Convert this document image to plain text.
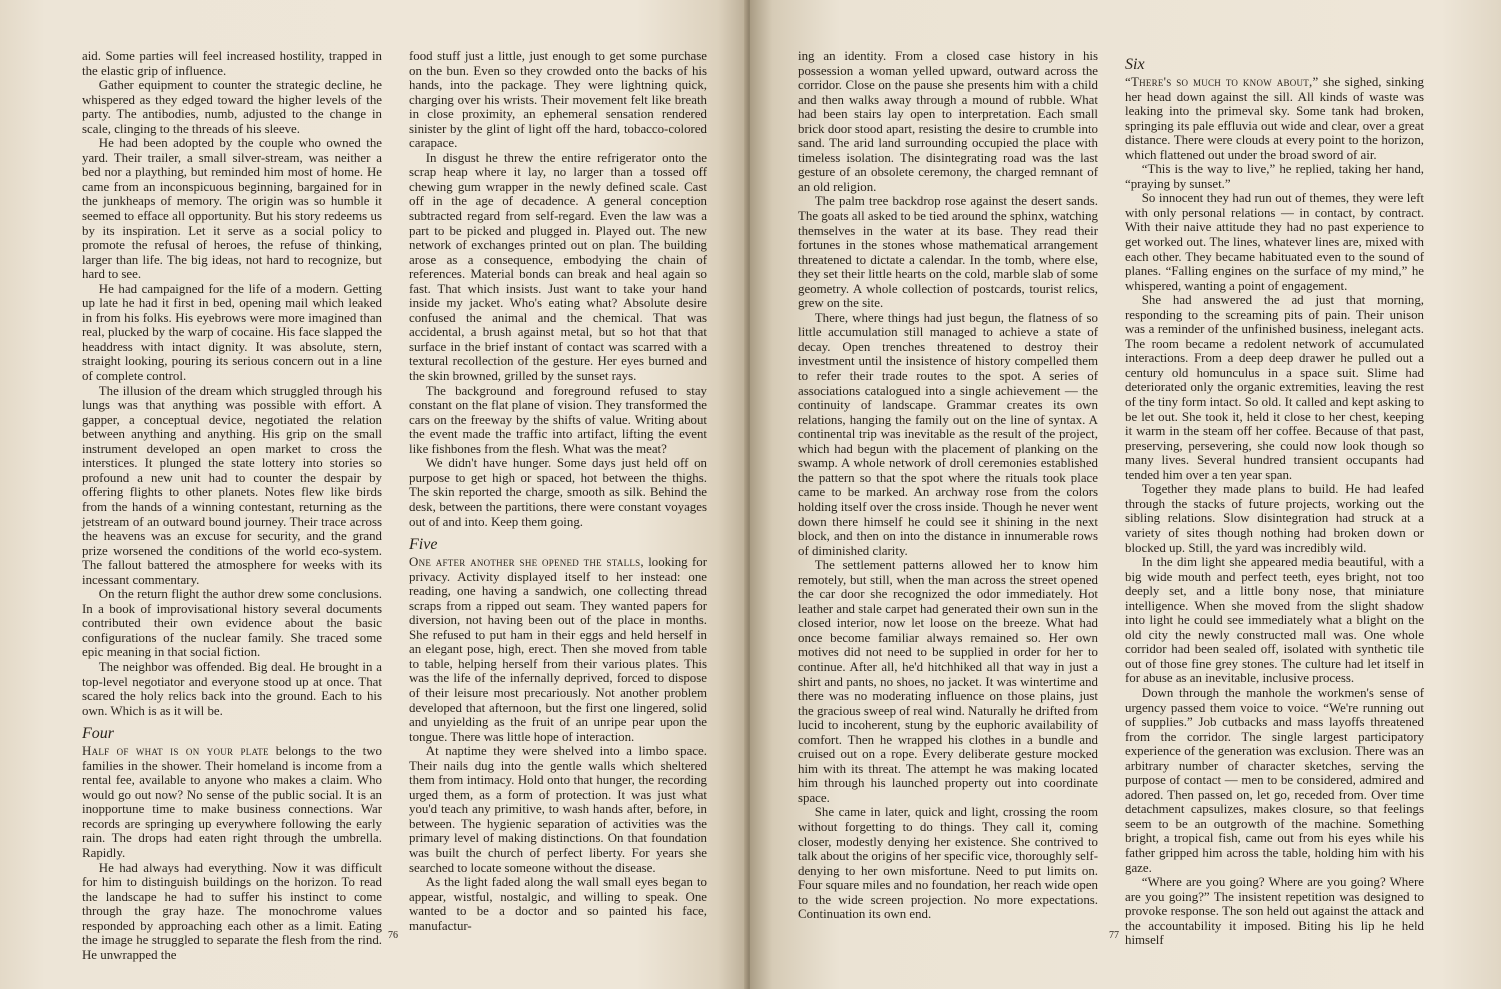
aid. Some parties will feel increased hostility, trapped in the elastic grip of influence.

Gather equipment to counter the strategic decline, he whispered as they edged toward the higher levels of the party. The antibodies, numb, adjusted to the change in scale, clinging to the threads of his sleeve.

He had been adopted by the couple who owned the yard. Their trailer, a small silver-stream, was neither a bed nor a plaything, but reminded him most of home. He came from an inconspicuous beginning, bargained for in the junkheaps of memory. The origin was so humble it seemed to efface all opportunity. But his story redeems us by its inspiration. Let it serve as a social policy to promote the refusal of heroes, the refuse of thinking, larger than life. The big ideas, not hard to recognize, but hard to see.

He had campaigned for the life of a modern. Getting up late he had it first in bed, opening mail which leaked in from his folks. His eyebrows were more imagined than real, plucked by the warp of cocaine. His face slapped the headdress with intact dignity. It was absolute, stern, straight looking, pouring its serious concern out in a line of complete control.

The illusion of the dream which struggled through his lungs was that anything was possible with effort. A gapper, a conceptual device, negotiated the relation between anything and anything. His grip on the small instrument developed an open market to cross the interstices. It plunged the state lottery into stories so profound a new unit had to counter the despair by offering flights to other planets. Notes flew like birds from the hands of a winning contestant, returning as the jetstream of an outward bound journey. Their trace across the heavens was an excuse for security, and the grand prize worsened the conditions of the world eco-system. The fallout battered the atmosphere for weeks with its incessant commentary.

On the return flight the author drew some conclusions. In a book of improvisational history several documents contributed their own evidence about the basic configurations of the nuclear family. She traced some epic meaning in that social fiction.

The neighbor was offended. Big deal. He brought in a top-level negotiator and everyone stood up at once. That scared the holy relics back into the ground. Each to his own. Which is as it will be.

Four

Half of what is on your plate belongs to the two families in the shower. Their homeland is income from a rental fee, available to anyone who makes a claim. Who would go out now? No sense of the public social. It is an inopportune time to make business connections. War records are springing up everywhere following the early rain. The drops had eaten right through the umbrella. Rapidly.

He had always had everything. Now it was difficult for him to distinguish buildings on the horizon. To read the landscape he had to suffer his instinct to come through the gray haze. The monochrome values responded by approaching each other as a limit. Eating the image he struggled to separate the flesh from the rind. He unwrapped the

food stuff just a little, just enough to get some purchase on the bun. Even so they crowded onto the backs of his hands, into the package. They were lightning quick, charging over his wrists. Their movement felt like breath in close proximity, an ephemeral sensation rendered sinister by the glint of light off the hard, tobacco-colored carapace.

In disgust he threw the entire refrigerator onto the scrap heap where it lay, no larger than a tossed off chewing gum wrapper in the newly defined scale. Cast off in the age of decadence. A general conception subtracted regard from self-regard. Even the law was a part to be picked and plugged in. Played out. The new network of exchanges printed out on plan. The building arose as a consequence, embodying the chain of references. Material bonds can break and heal again so fast. That which insists. Just want to take your hand inside my jacket. Who's eating what? Absolute desire confused the animal and the chemical. That was accidental, a brush against metal, but so hot that that surface in the brief instant of contact was scarred with a textural recollection of the gesture. Her eyes burned and the skin browned, grilled by the sunset rays.

The background and foreground refused to stay constant on the flat plane of vision. They transformed the cars on the freeway by the shifts of value. Writing about the event made the traffic into artifact, lifting the event like fishbones from the flesh. What was the meat?

We didn't have hunger. Some days just held off on purpose to get high or spaced, hot between the thighs. The skin reported the charge, smooth as silk. Behind the desk, between the partitions, there were constant voyages out of and into. Keep them going.

Five

One after another she opened the stalls, looking for privacy. Activity displayed itself to her instead: one reading, one having a sandwich, one collecting thread scraps from a ripped out seam. They wanted papers for diversion, not having been out of the place in months. She refused to put ham in their eggs and held herself in an elegant pose, high, erect. Then she moved from table to table, helping herself from their various plates. This was the life of the infernally deprived, forced to dispose of their leisure most precariously. Not another problem developed that afternoon, but the first one lingered, solid and unyielding as the fruit of an unripe pear upon the tongue. There was little hope of interaction.

At naptime they were shelved into a limbo space. Their nails dug into the gentle walls which sheltered them from intimacy. Hold onto that hunger, the recording urged them, as a form of protection. It was just what you'd teach any primitive, to wash hands after, before, in between. The hygienic separation of activities was the primary level of making distinctions. On that foundation was built the church of perfect liberty. For years she searched to locate someone without the disease.

As the light faded along the wall small eyes began to appear, wistful, nostalgic, and willing to speak. One wanted to be a doctor and so painted his face, manufactur-

76

ing an identity. From a closed case history in his possession a woman yelled upward, outward across the corridor. Close on the pause she presents him with a child and then walks away through a mound of rubble. What had been stairs lay open to interpretation. Each small brick door stood apart, resisting the desire to crumble into sand. The arid land surrounding occupied the place with timeless isolation. The disintegrating road was the last gesture of an obsolete ceremony, the charged remnant of an old religion.

The palm tree backdrop rose against the desert sands. The goats all asked to be tied around the sphinx, watching themselves in the water at its base. They read their fortunes in the stones whose mathematical arrangement threatened to dictate a calendar. In the tomb, where else, they set their little hearts on the cold, marble slab of some geometry. A whole collection of postcards, tourist relics, grew on the site.

There, where things had just begun, the flatness of so little accumulation still managed to achieve a state of decay. Open trenches threatened to destroy their investment until the insistence of history compelled them to refer their trade routes to the spot. A series of associations catalogued into a single achievement — the continuity of landscape. Grammar creates its own relations, hanging the family out on the line of syntax. A continental trip was inevitable as the result of the project, which had begun with the placement of planking on the swamp. A whole network of droll ceremonies established the pattern so that the spot where the rituals took place came to be marked. An archway rose from the colors holding itself over the cross inside. Though he never went down there himself he could see it shining in the next block, and then on into the distance in innumerable rows of diminished clarity.

The settlement patterns allowed her to know him remotely, but still, when the man across the street opened the car door she recognized the odor immediately. Hot leather and stale carpet had generated their own sun in the closed interior, now let loose on the breeze. What had once become familiar always remained so. Her own motives did not need to be supplied in order for her to continue. After all, he'd hitchhiked all that way in just a shirt and pants, no shoes, no jacket. It was wintertime and there was no moderating influence on those plains, just the gracious sweep of real wind. Naturally he drifted from lucid to incoherent, stung by the euphoric availability of comfort. Then he wrapped his clothes in a bundle and cruised out on a rope. Every deliberate gesture mocked him with its threat. The attempt he was making located him through his launched property out into coordinate space.

She came in later, quick and light, crossing the room without forgetting to do things. They call it, coming closer, modestly denying her existence. She contrived to talk about the origins of her specific vice, thoroughly self-denying to her own misfortune. Need to put limits on. Four square miles and no foundation, her reach wide open to the wide screen projection. No more expectations. Continuation its own end.

Six

“There's so much to know about,” she sighed, sinking her head down against the sill. All kinds of waste was leaking into the primeval sky. Some tank had broken, springing its pale effluvia out wide and clear, over a great distance. There were clouds at every point to the horizon, which flattened out under the broad sword of air.

“This is the way to live,” he replied, taking her hand, “praying by sunset.”

So innocent they had run out of themes, they were left with only personal relations — in contact, by contract. With their naive attitude they had no past experience to get worked out. The lines, whatever lines are, mixed with each other. They became habituated even to the sound of planes. “Falling engines on the surface of my mind,” he whispered, wanting a point of engagement.

She had answered the ad just that morning, responding to the screaming pits of pain. Their unison was a reminder of the unfinished business, inelegant acts. The room became a redolent network of accumulated interactions. From a deep deep drawer he pulled out a century old homunculus in a space suit. Slime had deteriorated only the organic extremities, leaving the rest of the tiny form intact. So old. It called and kept asking to be let out. She took it, held it close to her chest, keeping it warm in the steam off her coffee. Because of that past, preserving, persevering, she could now look though so many lives. Several hundred transient occupants had tended him over a ten year span.

Together they made plans to build. He had leafed through the stacks of future projects, working out the sibling relations. Slow disintegration had struck at a variety of sites though nothing had broken down or blocked up. Still, the yard was incredibly wild.

In the dim light she appeared media beautiful, with a big wide mouth and perfect teeth, eyes bright, not too deeply set, and a little bony nose, that miniature intelligence. When she moved from the slight shadow into light he could see immediately what a blight on the old city the newly constructed mall was. One whole corridor had been sealed off, isolated with synthetic tile out of those fine grey stones. The culture had let itself in for abuse as an inevitable, inclusive process.

Down through the manhole the workmen's sense of urgency passed them voice to voice. “We're running out of supplies.” Job cutbacks and mass layoffs threatened from the corridor. The single largest participatory experience of the generation was exclusion. There was an arbitrary number of character sketches, serving the purpose of contact — men to be considered, admired and adored. Then passed on, let go, receded from. Over time detachment capsulizes, makes closure, so that feelings seem to be an outgrowth of the machine. Something bright, a tropical fish, came out from his eyes while his father gripped him across the table, holding him with his gaze.

“Where are you going? Where are you going? Where are you going?” The insistent repetition was designed to provoke response. The son held out against the attack and the accountability it imposed. Biting his lip he held himself

77
